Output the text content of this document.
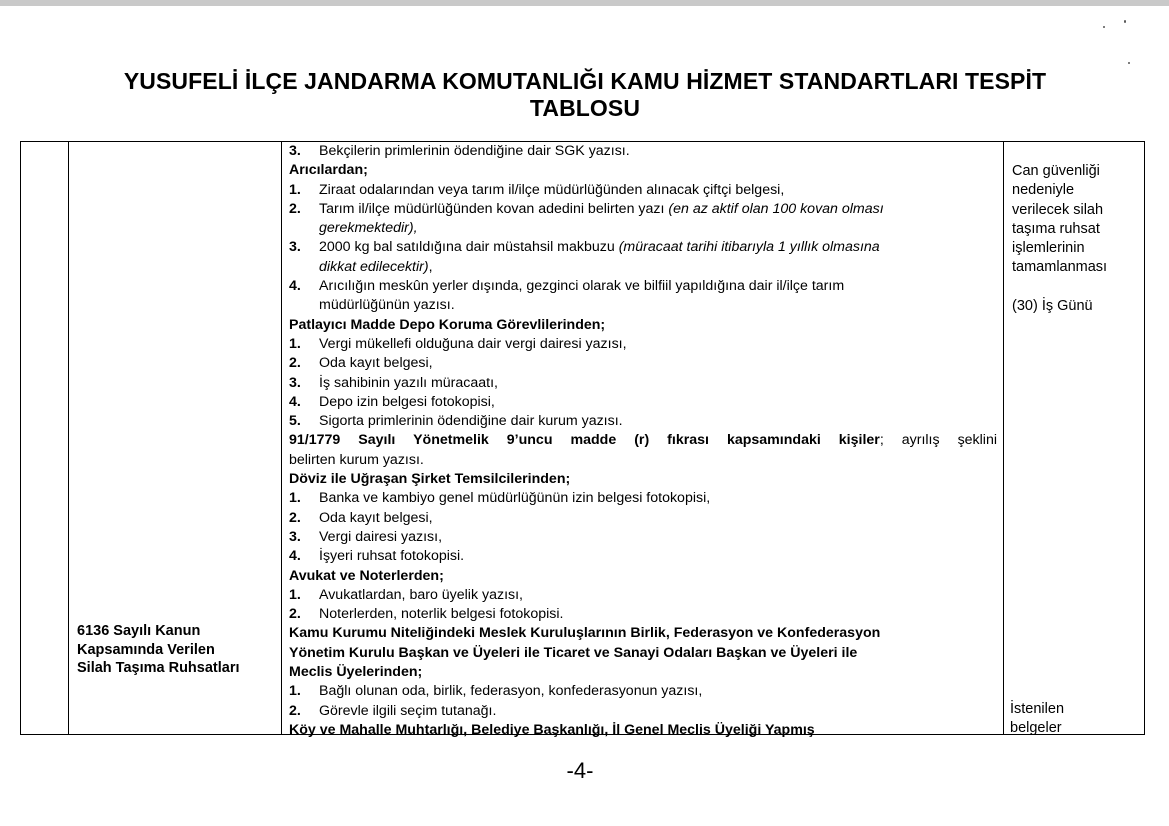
YUSUFELİ İLÇE JANDARMA KOMUTANLIĞI KAMU HİZMET STANDARTLARI TESPİT
TABLOSU
6136 Sayılı Kanun
Kapsamında Verilen
Silah Taşıma Ruhsatları
3. Bekçilerin primlerinin ödendiğine dair SGK yazısı.
Arıcılardan;
1. Ziraat odalarından veya tarım il/ilçe müdürlüğünden alınacak çiftçi belgesi,
2. Tarım il/ilçe müdürlüğünden kovan adedini belirten yazı (en az aktif olan 100 kovan olması
gerekmektedir),
3. 2000 kg bal satıldığına dair müstahsil makbuzu (müracaat tarihi itibarıyla 1 yıllık olmasına
dikkat edilecektir),
4. Arıcılığın meskûn yerler dışında, gezginci olarak ve bilfiil yapıldığına dair il/ilçe tarım
müdürlüğünün yazısı.
Patlayıcı Madde Depo Koruma Görevlilerinden;
1. Vergi mükellefi olduğuna dair vergi dairesi yazısı,
2. Oda kayıt belgesi,
3. İş sahibinin yazılı müracaatı,
4. Depo izin belgesi fotokopisi,
5. Sigorta primlerinin ödendiğine dair kurum yazısı.
91/1779 Sayılı Yönetmelik 9’uncu madde (r) fıkrası kapsamındaki kişiler; ayrılış şeklini
belirten kurum yazısı.
Döviz ile Uğraşan Şirket Temsilcilerinden;
1. Banka ve kambiyo genel müdürlüğünün izin belgesi fotokopisi,
2. Oda kayıt belgesi,
3. Vergi dairesi yazısı,
4. İşyeri ruhsat fotokopisi.
Avukat ve Noterlerden;
1. Avukatlardan, baro üyelik yazısı,
2. Noterlerden, noterlik belgesi fotokopisi.
Kamu Kurumu Niteliğindeki Meslek Kuruluşlarının Birlik, Federasyon ve Konfederasyon
Yönetim Kurulu Başkan ve Üyeleri ile Ticaret ve Sanayi Odaları Başkan ve Üyeleri ile
Meclis Üyelerinden;
1. Bağlı olunan oda, birlik, federasyon, konfederasyonun yazısı,
2. Görevle ilgili seçim tutanağı.
Köy ve Mahalle Muhtarlığı, Belediye Başkanlığı, İl Genel Meclis Üyeliği Yapmış
Can güvenliği
nedeniyle
verilecek silah
taşıma ruhsat
işlemlerinin
tamamlanması
(30) İş Günü
İstenilen
belgeler
-4-
